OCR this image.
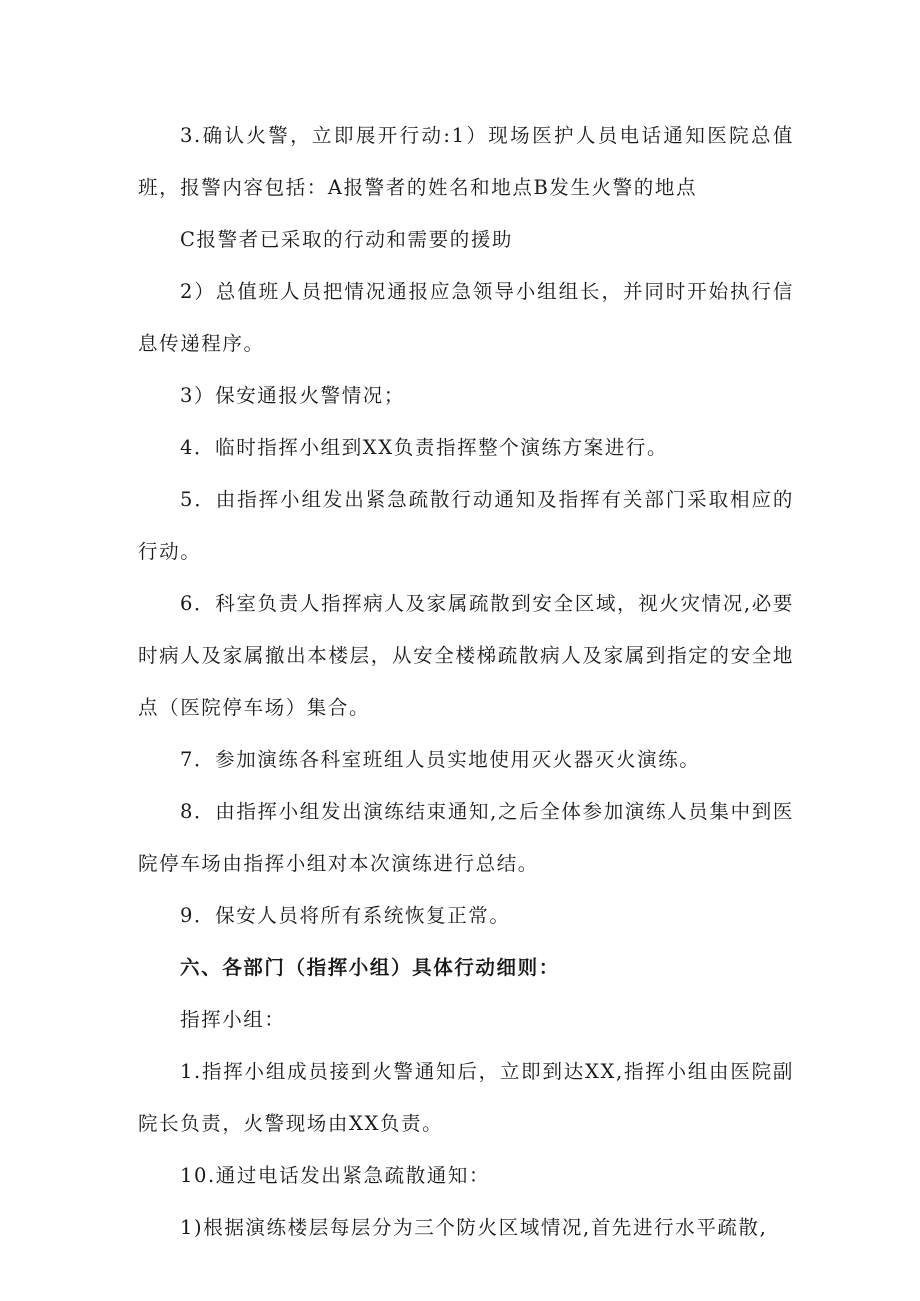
3.确认火警，立即展开行动:1）现场医护人员电话通知医院总值班，报警内容包括：A报警者的姓名和地点B发生火警的地点

C报警者已采取的行动和需要的援助

2）总值班人员把情况通报应急领导小组组长，并同时开始执行信息传递程序。

3）保安通报火警情况；

4．临时指挥小组到XX负责指挥整个演练方案进行。

5．由指挥小组发出紧急疏散行动通知及指挥有关部门采取相应的行动。

6．科室负责人指挥病人及家属疏散到安全区域，视火灾情况,必要时病人及家属撤出本楼层，从安全楼梯疏散病人及家属到指定的安全地点（医院停车场）集合。

7．参加演练各科室班组人员实地使用灭火器灭火演练。

8．由指挥小组发出演练结束通知,之后全体参加演练人员集中到医院停车场由指挥小组对本次演练进行总结。

9．保安人员将所有系统恢复正常。

六、各部门（指挥小组）具体行动细则：

指挥小组：

1.指挥小组成员接到火警通知后，立即到达XX,指挥小组由医院副院长负责，火警现场由XX负责。

10.通过电话发出紧急疏散通知：

1)根据演练楼层每层分为三个防火区域情况,首先进行水平疏散,
